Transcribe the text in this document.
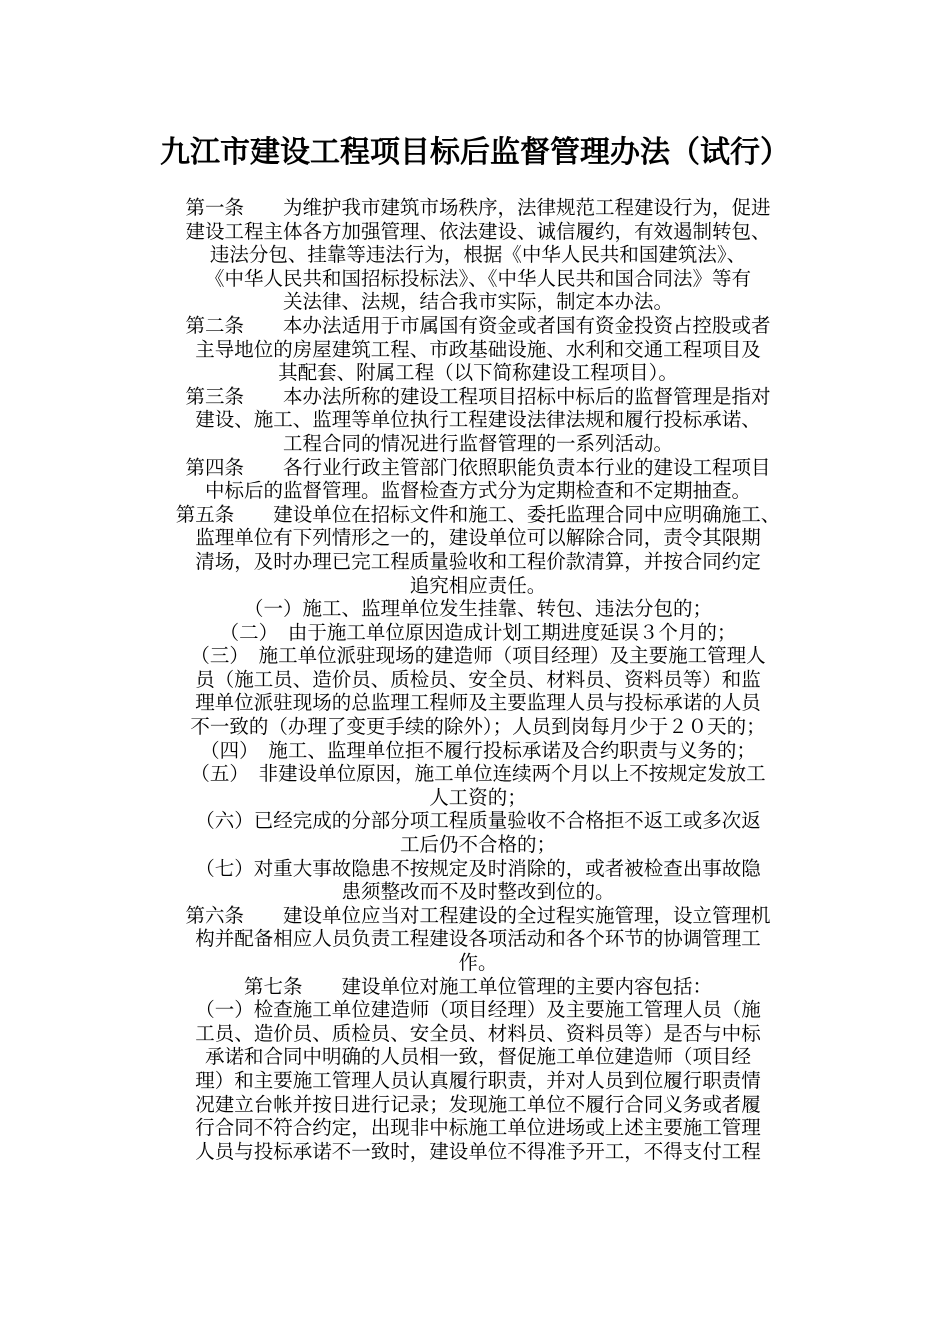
九江市建设工程项目标后监督管理办法（试行）
第一条　　为维护我市建筑市场秩序，法律规范工程建设行为，促进
建设工程主体各方加强管理、依法建设、诚信履约，有效遏制转包、
违法分包、挂靠等违法行为，根据《中华人民共和国建筑法》、
《中华人民共和国招标投标法》、《中华人民共和国合同法》等有
关法律、法规，结合我市实际，制定本办法。
第二条　　本办法适用于市属国有资金或者国有资金投资占控股或者
主导地位的房屋建筑工程、市政基础设施、水利和交通工程项目及
其配套、附属工程（以下简称建设工程项目）。
第三条　　本办法所称的建设工程项目招标中标后的监督管理是指对
建设、施工、监理等单位执行工程建设法律法规和履行投标承诺、
工程合同的情况进行监督管理的一系列活动。
第四条　　各行业行政主管部门依照职能负责本行业的建设工程项目
中标后的监督管理。监督检查方式分为定期检查和不定期抽查。
第五条　　建设单位在招标文件和施工、委托监理合同中应明确施工、
监理单位有下列情形之一的，建设单位可以解除合同，责令其限期
清场，及时办理已完工程质量验收和工程价款清算，并按合同约定
追究相应责任。
（一）施工、监理单位发生挂靠、转包、违法分包的；
（二）　由于施工单位原因造成计划工期进度延误３个月的；
（三）　施工单位派驻现场的建造师（项目经理）及主要施工管理人
员（施工员、造价员、质检员、安全员、材料员、资料员等）和监
理单位派驻现场的总监理工程师及主要监理人员与投标承诺的人员
不一致的（办理了变更手续的除外）；人员到岗每月少于２０天的；
（四）　施工、监理单位拒不履行投标承诺及合约职责与义务的；
（五）　非建设单位原因，施工单位连续两个月以上不按规定发放工
人工资的；
（六）已经完成的分部分项工程质量验收不合格拒不返工或多次返
工后仍不合格的；
（七）对重大事故隐患不按规定及时消除的，或者被检查出事故隐
患须整改而不及时整改到位的。
第六条　　建设单位应当对工程建设的全过程实施管理，设立管理机
构并配备相应人员负责工程建设各项活动和各个环节的协调管理工
作。
第七条　　建设单位对施工单位管理的主要内容包括：
（一）检查施工单位建造师（项目经理）及主要施工管理人员（施
工员、造价员、质检员、安全员、材料员、资料员等）是否与中标
承诺和合同中明确的人员相一致，督促施工单位建造师（项目经
理）和主要施工管理人员认真履行职责，并对人员到位履行职责情
况建立台帐并按日进行记录；发现施工单位不履行合同义务或者履
行合同不符合约定，出现非中标施工单位进场或上述主要施工管理
人员与投标承诺不一致时，建设单位不得准予开工，不得支付工程
